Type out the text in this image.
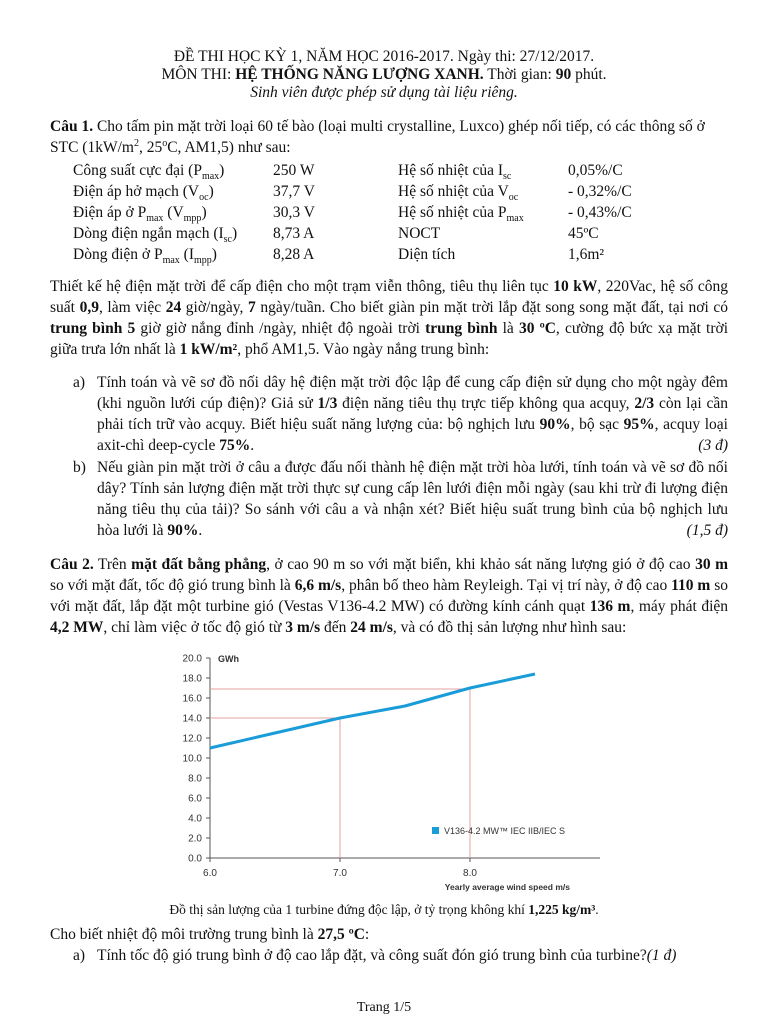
ĐỀ THI HỌC KỲ 1, NĂM HỌC 2016-2017. Ngày thi: 27/12/2017.
MÔN THI: HỆ THỐNG NĂNG LƯỢNG XANH. Thời gian: 90 phút.
Sinh viên được phép sử dụng tài liệu riêng.
Câu 1. Cho tấm pin mặt trời loại 60 tế bào (loại multi crystalline, Luxco) ghép nối tiếp, có các thông số ở STC ($1kW/m^2$, 25$^o$C, AM1,5) như sau:
Công suất cực đại $(P_{max})$	250 W	Hệ số nhiệt của $I_{sc}$	0,05%/C
Điện áp hở mạch $(V_{oc})$	37,7 V	Hệ số nhiệt của $V_{oc}$	- 0,32%/C
Điện áp ở $P_{max}$ $(V_{mpp})$	30,3 V	Hệ số nhiệt của $P_{max}$	- 0,43%/C
Dòng điện ngắn mạch $(I_{sc})$ 8,73 A	NOCT	45ºC
Dòng điện ở $P_{max}$ $(I_{mpp})$	8,28 A	Diện tích	1,6m²
Thiết kế hệ điện mặt trời để cấp điện cho một trạm viễn thông, tiêu thụ liên tục 10 kW, 220Vac, hệ số công suất 0,9, làm việc 24 giờ/ngày, 7 ngày/tuần. Cho biết giàn pin mặt trời lắp đặt song song mặt đất, tại nơi có trung bình 5 giờ giờ nắng đỉnh /ngày, nhiệt độ ngoài trời trung bình là 30 ºC, cường độ bức xạ mặt trời giữa trưa lớn nhất là 1 kW/m², phổ AM1,5. Vào ngày nắng trung bình:
a) Tính toán và vẽ sơ đồ nối dây hệ điện mặt trời độc lập để cung cấp điện sử dụng cho một ngày đêm (khi nguồn lưới cúp điện)? Giả sử 1/3 điện năng tiêu thụ trực tiếp không qua acquy, 2/3 còn lại cần phải tích trữ vào acquy. Biết hiệu suất năng lượng của: bộ nghịch lưu 90%, bộ sạc 95%, acquy loại axit-chì deep-cycle 75%.	(3 đ)
b) Nếu giàn pin mặt trời ở câu a được đấu nối thành hệ điện mặt trời hòa lưới, tính toán và vẽ sơ đồ nối dây? Tính sản lượng điện mặt trời thực sự cung cấp lên lưới điện mỗi ngày (sau khi trừ đi lượng điện năng tiêu thụ của tải)? So sánh với câu a và nhận xét? Biết hiệu suất trung bình của bộ nghịch lưu hòa lưới là 90%.	(1,5 đ)
Câu 2. Trên mặt đất bằng phẳng, ở cao 90 m so với mặt biển, khi khảo sát năng lượng gió ở độ cao 30 m so với mặt đất, tốc độ gió trung bình là 6,6 m/s, phân bố theo hàm Reyleigh. Tại vị trí này, ở độ cao 110 m so với mặt đất, lắp đặt một turbine gió (Vestas V136-4.2 MW) có đường kính cánh quạt 136 m, máy phát điện 4,2 MW, chỉ làm việc ở tốc độ gió từ 3 m/s đến 24 m/s, và có đồ thị sản lượng như hình sau:
0.0
2.0
4.0
6.0
8.0
10.0
12.0
14.0
16.0
18.0
20.0
6.0	7.0	8.0
GWh
Yearly average wind speed m/s
V136-4.2 MW™ IEC IIB/IEC S
Đồ thị sản lượng của 1 turbine đứng độc lập, ở tỷ trọng không khí 1,225 kg/m³.
Cho biết nhiệt độ môi trường trung bình là 27,5 ºC:
a) Tính tốc độ gió trung bình ở độ cao lắp đặt, và công suất đón gió trung bình của turbine?(1 đ)
Trang 1/5
